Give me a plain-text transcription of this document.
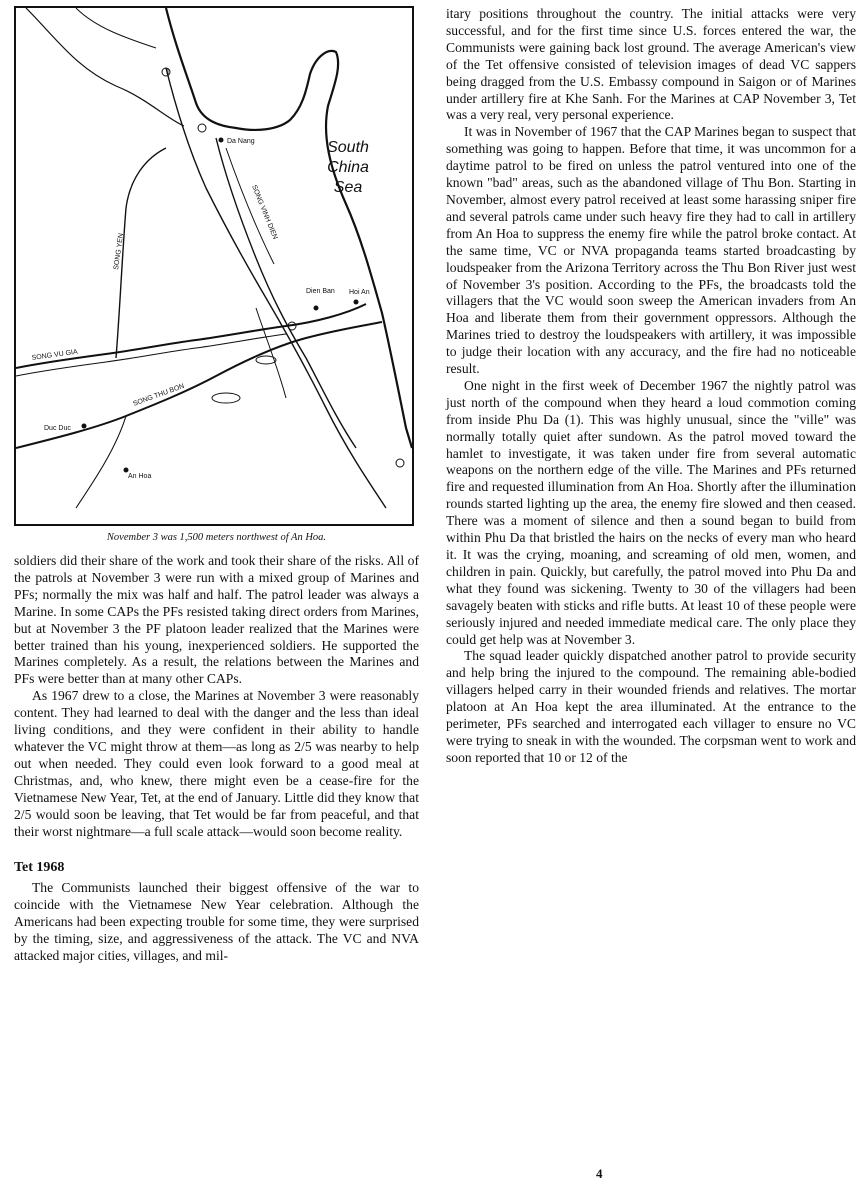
1
Da Nang
Dien Ban Hoi An
SONG VU GIA
SONG THU BON
SONG YEN
SONG VINH DIEN
Duc Duc
An Hoa
South
China
Sea
November 3 was 1,500 meters northwest of An Hoa.

soldiers did their share of the work and took their share of the risks. All of the patrols at November 3 were run with a mixed group of Marines and PFs; normally the mix was half and half. The patrol leader was always a Marine. In some CAPs the PFs resisted taking direct orders from Marines, but at November 3 the PF platoon leader realized that the Marines were better trained than his young, inexperienced soldiers. He supported the Marines completely. As a result, the relations between the Marines and PFs were better than at many other CAPs.

As 1967 drew to a close, the Marines at November 3 were reasonably content. They had learned to deal with the danger and the less than ideal living conditions, and they were confident in their ability to handle whatever the VC might throw at them—as long as 2/5 was nearby to help out when needed. They could even look forward to a good meal at Christmas, and, who knew, there might even be a cease-fire for the Vietnamese New Year, Tet, at the end of January. Little did they know that 2/5 would soon be leaving, that Tet would be far from peaceful, and that their worst nightmare—a full scale attack—would soon become reality.

Tet 1968

The Communists launched their biggest offensive of the war to coincide with the Vietnamese New Year celebration. Although the Americans had been expecting trouble for some time, they were surprised by the timing, size, and aggressiveness of the attack. The VC and NVA attacked major cities, villages, and mil-

itary positions throughout the country. The initial attacks were very successful, and for the first time since U.S. forces entered the war, the Communists were gaining back lost ground. The average American's view of the Tet offensive consisted of television images of dead VC sappers being dragged from the U.S. Embassy compound in Saigon or of Marines under artillery fire at Khe Sanh. For the Marines at CAP November 3, Tet was a very real, very personal experience.

It was in November of 1967 that the CAP Marines began to suspect that something was going to happen. Before that time, it was uncommon for a daytime patrol to be fired on unless the patrol ventured into one of the known "bad" areas, such as the abandoned village of Thu Bon. Starting in November, almost every patrol received at least some harassing sniper fire and several patrols came under such heavy fire they had to call in artillery from An Hoa to suppress the enemy fire while the patrol broke contact. At the same time, VC or NVA propaganda teams started broadcasting by loudspeaker from the Arizona Territory across the Thu Bon River just west of November 3's position. According to the PFs, the broadcasts told the villagers that the VC would soon sweep the American invaders from An Hoa and liberate them from their government oppressors. Although the Marines tried to destroy the loudspeakers with artillery, it was impossible to judge their location with any accuracy, and the fire had no noticeable result.

One night in the first week of December 1967 the nightly patrol was just north of the compound when they heard a loud commotion coming from inside Phu Da (1). This was highly unusual, since the "ville" was normally totally quiet after sundown. As the patrol moved toward the hamlet to investigate, it was taken under fire from several automatic weapons on the northern edge of the ville. The Marines and PFs returned fire and requested illumination from An Hoa. Shortly after the illumination rounds started lighting up the area, the enemy fire slowed and then ceased. There was a moment of silence and then a sound began to build from within Phu Da that bristled the hairs on the necks of every man who heard it. It was the crying, moaning, and screaming of old men, women, and children in pain. Quickly, but carefully, the patrol moved into Phu Da and what they found was sickening. Twenty to 30 of the villagers had been savagely beaten with sticks and rifle butts. At least 10 of these people were seriously injured and needed immediate medical care. The only place they could get help was at November 3.

The squad leader quickly dispatched another patrol to provide security and help bring the injured to the compound. The remaining able-bodied villagers helped carry in their wounded friends and relatives. The mortar platoon at An Hoa kept the area illuminated. At the entrance to the perimeter, PFs searched and interrogated each villager to ensure no VC were trying to sneak in with the wounded. The corpsman went to work and soon reported that 10 or 12 of the

4
